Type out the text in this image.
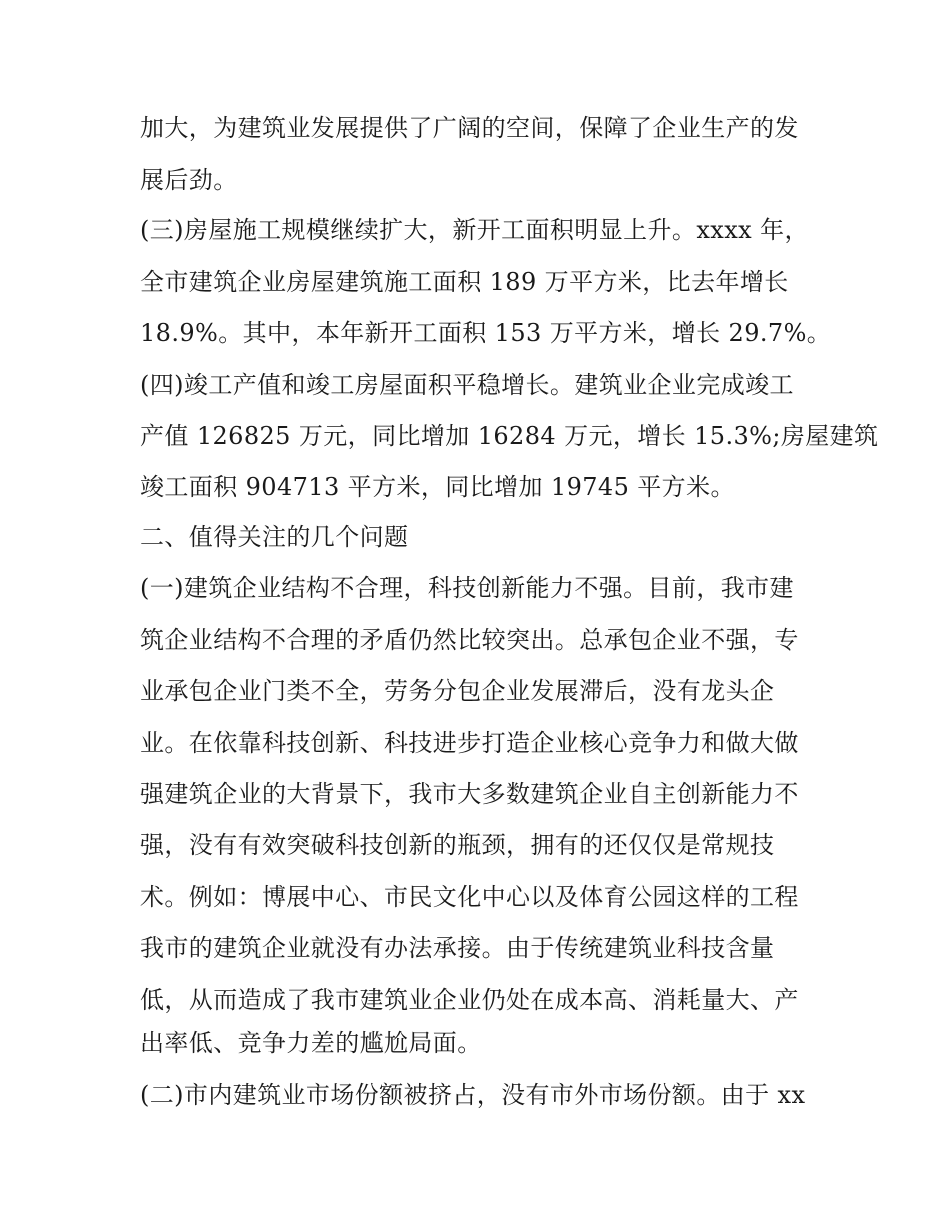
加大，为建筑业发展提供了广阔的空间，保障了企业生产的发
展后劲。
(三)房屋施工规模继续扩大，新开工面积明显上升。xxxx 年，
全市建筑企业房屋建筑施工面积 189 万平方米，比去年增长
18.9%。其中，本年新开工面积 153 万平方米，增长 29.7%。
(四)竣工产值和竣工房屋面积平稳增长。建筑业企业完成竣工
产值 126825 万元，同比增加 16284 万元，增长 15.3%;房屋建筑
竣工面积 904713 平方米，同比增加 19745 平方米。
二、值得关注的几个问题
(一)建筑企业结构不合理，科技创新能力不强。目前，我市建
筑企业结构不合理的矛盾仍然比较突出。总承包企业不强，专
业承包企业门类不全，劳务分包企业发展滞后，没有龙头企
业。在依靠科技创新、科技进步打造企业核心竞争力和做大做
强建筑企业的大背景下，我市大多数建筑企业自主创新能力不
强，没有有效突破科技创新的瓶颈，拥有的还仅仅是常规技
术。例如：博展中心、市民文化中心以及体育公园这样的工程
我市的建筑企业就没有办法承接。由于传统建筑业科技含量
低，从而造成了我市建筑业企业仍处在成本高、消耗量大、产
出率低、竞争力差的尴尬局面。
(二)市内建筑业市场份额被挤占，没有市外市场份额。由于 xx
